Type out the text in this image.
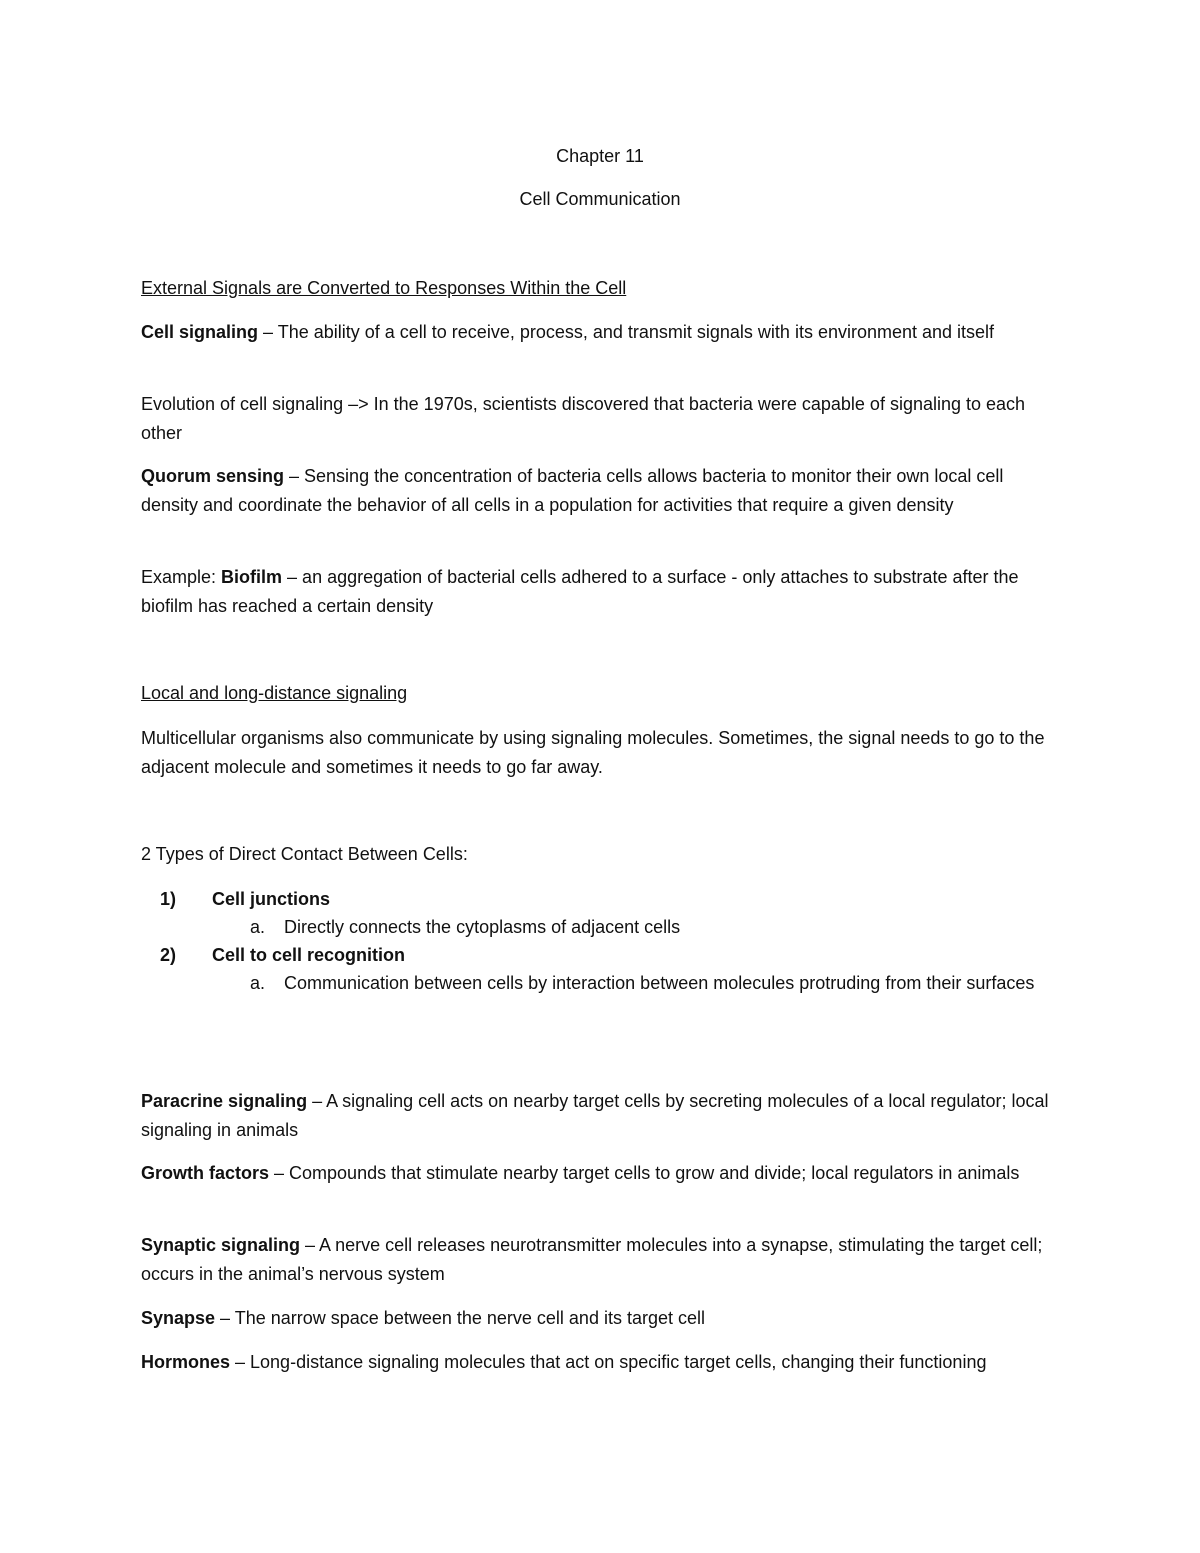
Chapter 11
Cell Communication
External Signals are Converted to Responses Within the Cell
Cell signaling – The ability of a cell to receive, process, and transmit signals with its environment and itself
Evolution of cell signaling –> In the 1970s, scientists discovered that bacteria were capable of signaling to each other
Quorum sensing – Sensing the concentration of bacteria cells allows bacteria to monitor their own local cell density and coordinate the behavior of all cells in a population for activities that require a given density
Example: Biofilm – an aggregation of bacterial cells adhered to a surface - only attaches to substrate after the biofilm has reached a certain density
Local and long-distance signaling
Multicellular organisms also communicate by using signaling molecules. Sometimes, the signal needs to go to the adjacent molecule and sometimes it needs to go far away.
2 Types of Direct Contact Between Cells:
1) Cell junctions
a. Directly connects the cytoplasms of adjacent cells
2) Cell to cell recognition
a. Communication between cells by interaction between molecules protruding from their surfaces
Paracrine signaling – A signaling cell acts on nearby target cells by secreting molecules of a local regulator; local signaling in animals
Growth factors – Compounds that stimulate nearby target cells to grow and divide; local regulators in animals
Synaptic signaling – A nerve cell releases neurotransmitter molecules into a synapse, stimulating the target cell; occurs in the animal’s nervous system
Synapse – The narrow space between the nerve cell and its target cell
Hormones – Long-distance signaling molecules that act on specific target cells, changing their functioning
